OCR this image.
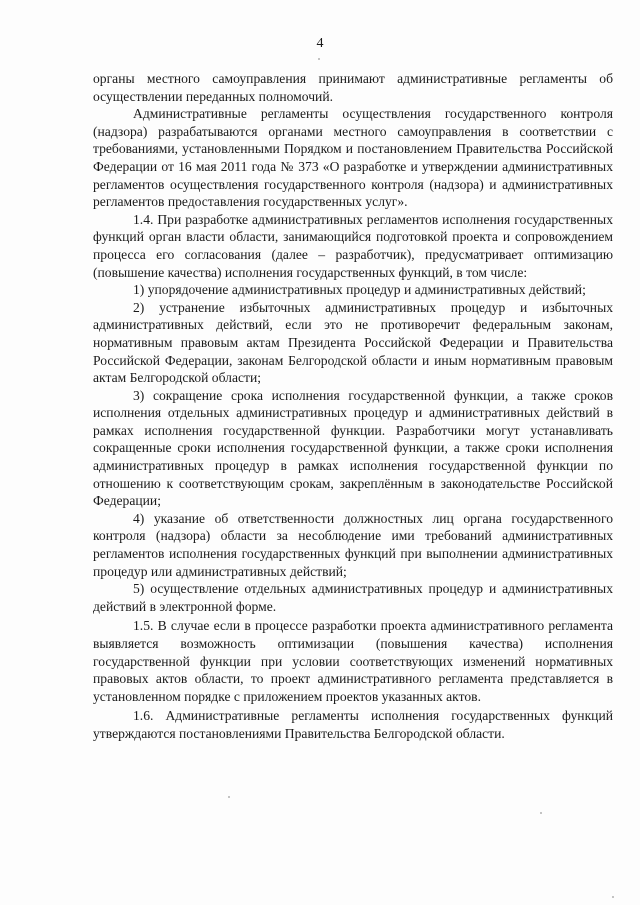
4

органы местного самоуправления принимают административные регламенты об осуществлении переданных полномочий.

Административные регламенты осуществления государственного контроля (надзора) разрабатываются органами местного самоуправления в соответствии с требованиями, установленными Порядком и постановлением Правительства Российской Федерации от 16 мая 2011 года № 373 «О разработке и утверждении административных регламентов осуществления государственного контроля (надзора) и административных регламентов предоставления государственных услуг».

1.4. При разработке административных регламентов исполнения государственных функций орган власти области, занимающийся подготовкой проекта и сопровождением процесса его согласования (далее – разработчик), предусматривает оптимизацию (повышение качества) исполнения государственных функций, в том числе:

1) упорядочение административных процедур и административных действий;

2) устранение избыточных административных процедур и избыточных административных действий, если это не противоречит федеральным законам, нормативным правовым актам Президента Российской Федерации и Правительства Российской Федерации, законам Белгородской области и иным нормативным правовым актам Белгородской области;

3) сокращение срока исполнения государственной функции, а также сроков исполнения отдельных административных процедур и административных действий в рамках исполнения государственной функции. Разработчики могут устанавливать сокращенные сроки исполнения государственной функции, а также сроки исполнения административных процедур в рамках исполнения государственной функции по отношению к соответствующим срокам, закреплённым в законодательстве Российской Федерации;

4) указание об ответственности должностных лиц органа государственного контроля (надзора) области за несоблюдение ими требований административных регламентов исполнения государственных функций при выполнении административных процедур или административных действий;

5) осуществление отдельных административных процедур и административных действий в электронной форме.

1.5. В случае если в процессе разработки проекта административного регламента выявляется возможность оптимизации (повышения качества) исполнения государственной функции при условии соответствующих изменений нормативных правовых актов области, то проект административного регламента представляется в установленном порядке с приложением проектов указанных актов.

1.6. Административные регламенты исполнения государственных функций утверждаются постановлениями Правительства Белгородской области.
